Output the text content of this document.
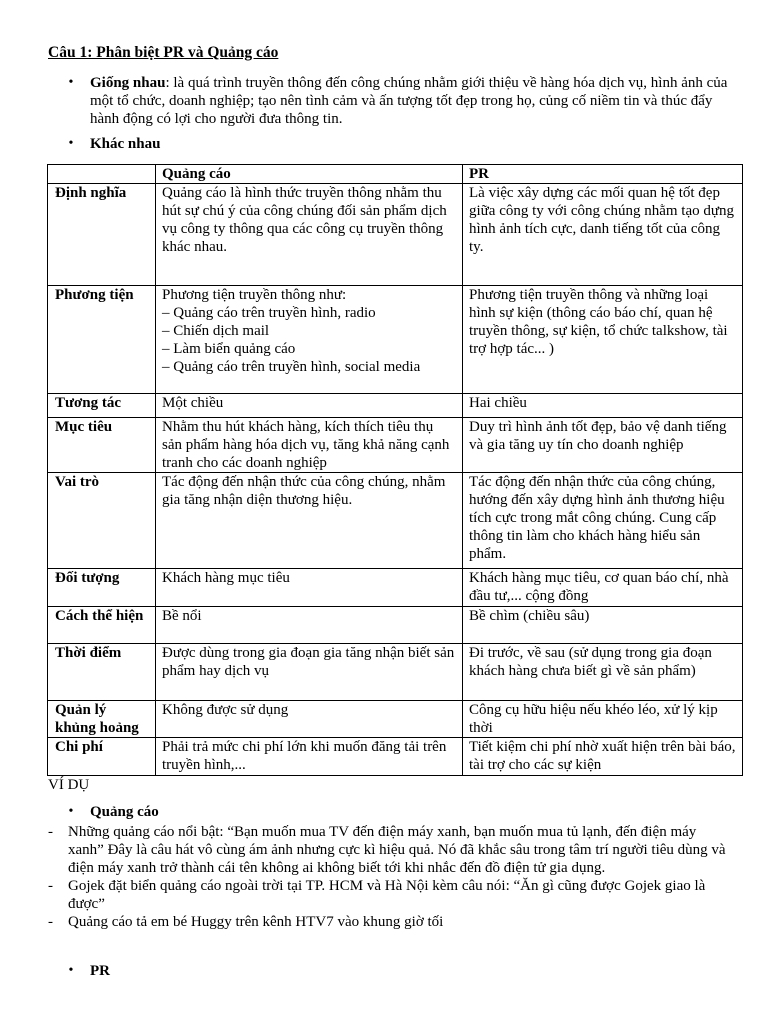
Câu 1: Phân biệt PR và Quảng cáo
•	Giống nhau: là quá trình truyền thông đến công chúng nhằm giới thiệu về hàng hóa dịch vụ, hình ảnh của một tổ chức, doanh nghiệp; tạo nên tình cảm và ấn tượng tốt đẹp trong họ, củng cố niềm tin và thúc đẩy hành động có lợi cho người đưa thông tin.
•	Khác nhau
	Quảng cáo	PR
Định nghĩa	Quảng cáo là hình thức truyền thông nhằm thu hút sự chú ý của công chúng đối sản phẩm dịch vụ công ty thông qua các công cụ truyền thông khác nhau.	Là việc xây dựng các mối quan hệ tốt đẹp giữa công ty với công chúng nhằm tạo dựng hình ảnh tích cực, danh tiếng tốt của công ty.

Phương tiện	Phương tiện truyền thông như:
– Quảng cáo trên truyền hình, radio
– Chiến dịch mail
– Làm biển quảng cáo
– Quảng cáo trên truyền hình, social media	Phương tiện truyền thông và những loại hình sự kiện (thông cáo báo chí, quan hệ truyền thông, sự kiện, tổ chức talkshow, tài trợ hợp tác... )

Tương tác	Một chiều	Hai chiều

Mục tiêu	Nhằm thu hút khách hàng, kích thích tiêu thụ sản phẩm hàng hóa dịch vụ, tăng khả năng cạnh tranh cho các doanh nghiệp	Duy trì hình ảnh tốt đẹp, bảo vệ danh tiếng và gia tăng uy tín cho doanh nghiệp

Vai trò	Tác động đến nhận thức của công chúng, nhằm gia tăng nhận diện thương hiệu.	Tác động đến nhận thức của công chúng, hướng đến xây dựng hình ảnh thương hiệu tích cực trong mắt công chúng. Cung cấp thông tin làm cho khách hàng hiểu sản phẩm.

Đối tượng	Khách hàng mục tiêu	Khách hàng mục tiêu, cơ quan báo chí, nhà đầu tư,... cộng đồng

Cách thể hiện	Bề nổi	Bề chìm (chiều sâu)

Thời điểm	Được dùng trong gia đoạn gia tăng nhận biết sản phẩm hay dịch vụ	Đi trước, về sau (sử dụng trong gia đoạn khách hàng chưa biết gì về sản phẩm)

Quản lý khủng hoảng	Không được sử dụng	Công cụ hữu hiệu nếu khéo léo, xử lý kịp thời

Chi phí	Phải trả mức chi phí lớn khi muốn đăng tải trên truyền hình,...	Tiết kiệm chi phí nhờ xuất hiện trên bài báo, tài trợ cho các sự kiện
VÍ DỤ
•	Quảng cáo
-	Những quảng cáo nổi bật: “Bạn muốn mua TV đến điện máy xanh, bạn muốn mua tủ lạnh, đến điện máy xanh” Đây là câu hát vô cùng ám ảnh nhưng cực kì hiệu quả. Nó đã khắc sâu trong tâm trí người tiêu dùng và điện máy xanh trở thành cái tên không ai không biết tới khi nhắc đến đồ điện tử gia dụng.
-	Gojek đặt biển quảng cáo ngoài trời tại TP. HCM và Hà Nội kèm câu nói: “Ăn gì cũng được Gojek giao là được”
-	Quảng cáo tả em bé Huggy trên kênh HTV7 vào khung giờ tối
•	PR
